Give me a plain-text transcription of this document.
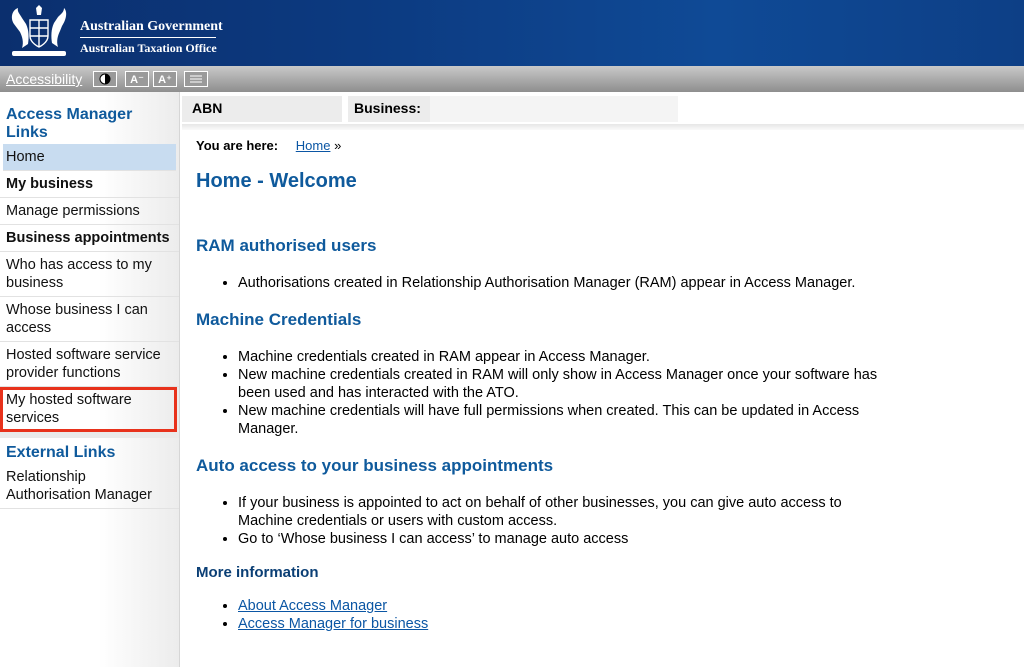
Australian Government
Australian Taxation Office
Accessibility	A⁻	A⁺
Access Manager Links
Home
My business
Manage permissions
Business appointments
Who has access to my business
Whose business I can access
Hosted software service provider functions
My hosted software services
External Links
Relationship Authorisation Manager
ABN	Business:
You are here: Home »
Home - Welcome
RAM authorised users
• Authorisations created in Relationship Authorisation Manager (RAM) appear in Access Manager.
Machine Credentials
• Machine credentials created in RAM appear in Access Manager.
• New machine credentials created in RAM will only show in Access Manager once your software has been used and has interacted with the ATO.
• New machine credentials will have full permissions when created. This can be updated in Access Manager.
Auto access to your business appointments
• If your business is appointed to act on behalf of other businesses, you can give auto access to Machine credentials or users with custom access.
• Go to ‘Whose business I can access’ to manage auto access
More information
• About Access Manager
• Access Manager for business
